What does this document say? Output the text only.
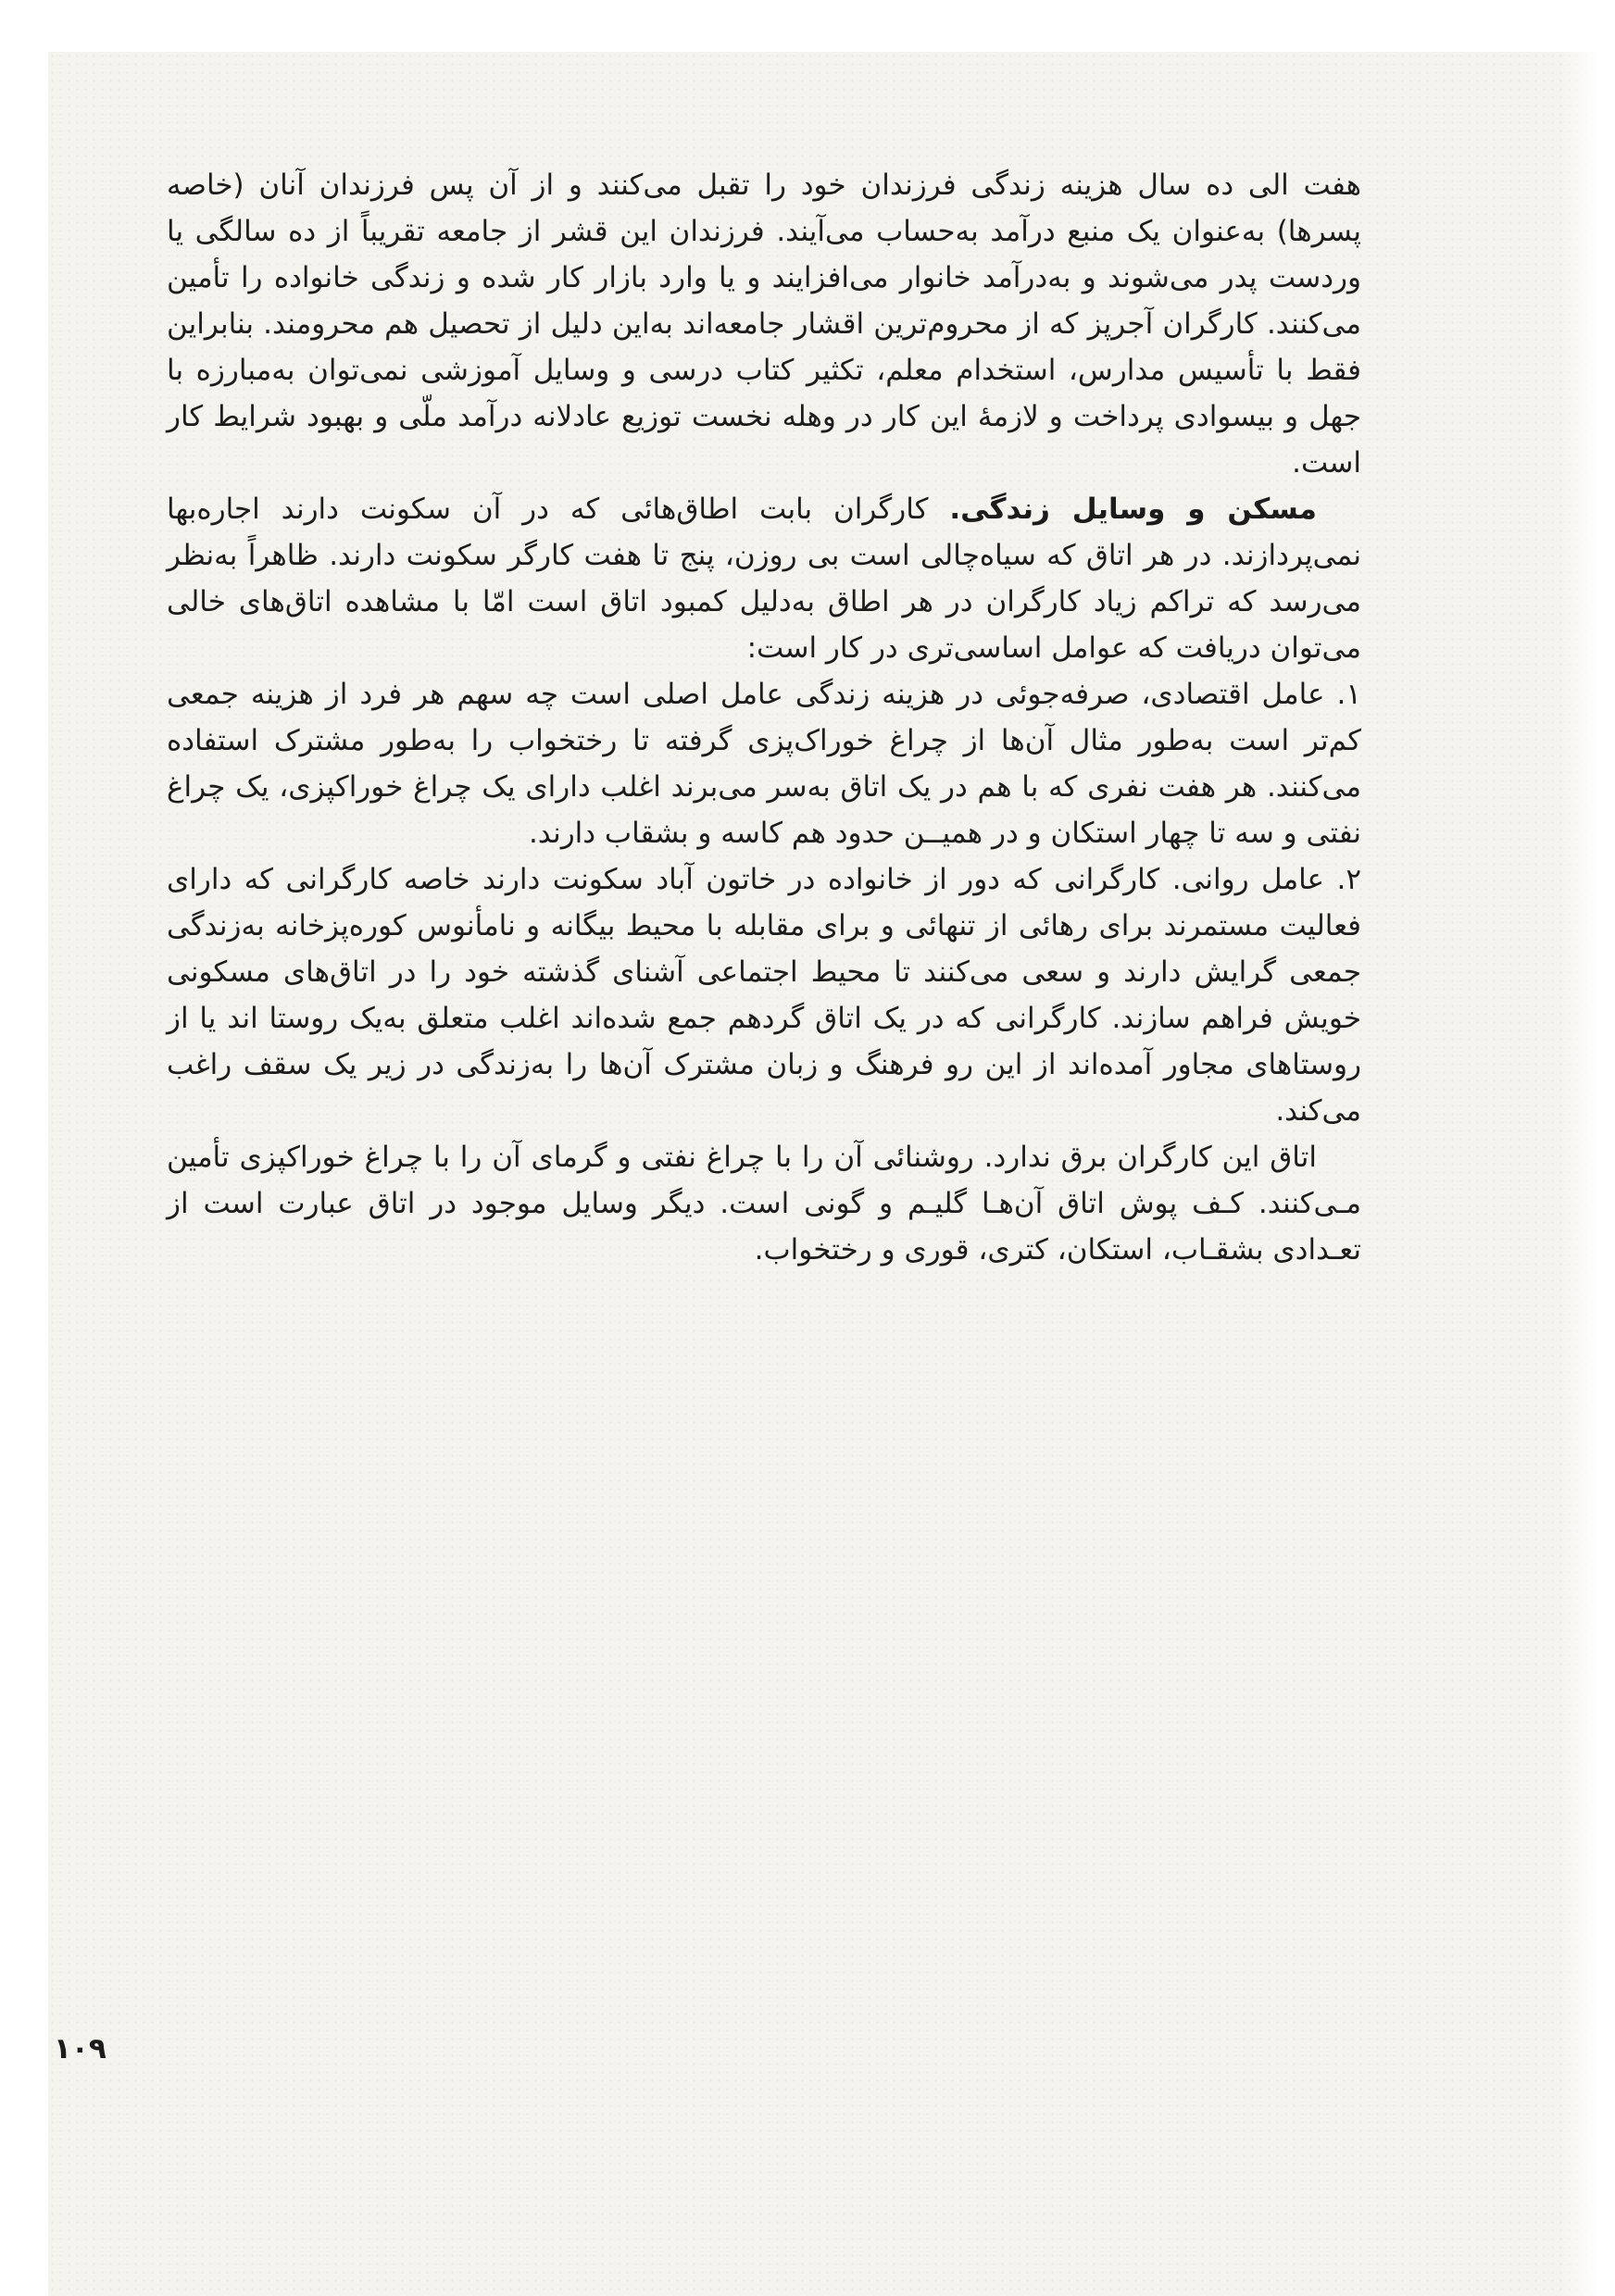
هفت الی ده سال هزینه زندگی فرزندان خود را تقبل می‌کنند و از آن پس فرزندان آنان (خاصه پسرها) به‌عنوان یک منبع درآمد به‌حساب می‌آیند. فرزندان این قشر از جامعه تقریباً از ده سالگی یا وردست پدر می‌شوند و به‌درآمد خانوار می‌افزایند و یا وارد بازار کار شده و زندگی خانواده را تأمین می‌کنند. کارگران آجرپز که از محروم‌ترین اقشار جامعه‌اند به‌این دلیل از تحصیل هم محرومند. بنابراین فقط با تأسیس مدارس، استخدام معلم، تکثیر کتاب درسی و وسایل آموزشی نمی‌توان به‌مبارزه با جهل و بیسوادی پرداخت و لازمهٔ این کار در وهله نخست توزیع عادلانه درآمد ملّی و بهبود شرایط کار است.

مسکن و وسایل زندگی. کارگران بابت اطاق‌هائی که در آن سکونت دارند اجاره‌بها نمی‌پردازند. در هر اتاق که سیاه‌چالی است بی روزن، پنج تا هفت کارگر سکونت دارند. ظاهراً به‌نظر می‌رسد که تراکم زیاد کارگران در هر اطاق به‌دلیل کمبود اتاق است امّا با مشاهده اتاق‌های خالی می‌توان دریافت که عوامل اساسی‌تری در کار است:

۱. عامل اقتصادی، صرفه‌جوئی در هزینه زندگی عامل اصلی است چه سهم هر فرد از هزینه جمعی کم‌تر است به‌طور مثال آن‌ها از چراغ خوراک‌پزی گرفته تا رختخواب را به‌طور مشترک استفاده می‌کنند. هر هفت نفری که با هم در یک اتاق به‌سر می‌برند اغلب دارای یک چراغ خوراکپزی، یک چراغ نفتی و سه تا چهار استکان و در همیــن حدود هم کاسه و بشقاب دارند.

۲. عامل روانی. کارگرانی که دور از خانواده در خاتون آباد سکونت دارند خاصه کارگرانی که دارای فعالیت مستمرند برای رهائی از تنهائی و برای مقابله با محیط بیگانه و نامأنوس کوره‌پزخانه به‌زندگی جمعی گرایش دارند و سعی می‌کنند تا محیط اجتماعی آشنای گذشته خود را در اتاق‌های مسکونی خویش فراهم سازند. کارگرانی که در یک اتاق گردهم جمع شده‌اند اغلب متعلق به‌یک روستا اند یا از روستاهای مجاور آمده‌اند از این رو فرهنگ و زبان مشترک آن‌ها را به‌زندگی در زیر یک سقف راغب می‌کند.

اتاق این کارگران برق ندارد. روشنائی آن را با چراغ نفتی و گرمای آن را با چراغ خوراکپزی تأمین مـی‌کنند. کـف پوش اتاق آن‌هـا گلیـم و گونی است. دیگر وسایل موجود در اتاق عبارت است از تعـدادی بشقـاب، استکان، کتری، قوری و رختخواب.

۱۰۹
